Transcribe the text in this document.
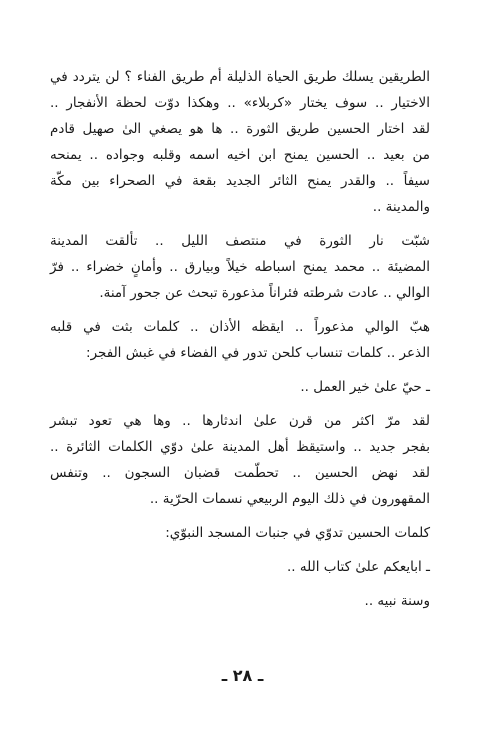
الطريقين يسلك طريق الحياة الذليلة أم طريق الفناء ؟ لن يتردد في
الاختيار .. سوف يختار «كربلاء» .. وهكذا دوّت لحظة الأنفجار ..
لقد اختار الحسين طريق الثورة .. ها هو يصغي الىٰ صهيل قادم
من بعيد .. الحسين يمنح ابن اخيه اسمه وقلبه وجواده .. يمنحه
سيفاً .. والقدر يمنح الثائر الجديد بقعة في الصحراء بين مكّة
والمدينة ..
شبّت نار الثورة في منتصف الليل .. تألقت المدينة
المضيئة .. محمد يمنح اسباطه خيلاً وبيارق .. وأمانٍ خضراء .. فرّ
الوالي .. عادت شرطته فئراناً مذعورة تبحث عن جحور آمنة.
هبّ الوالي مذعوراً .. ايقظه الأذان .. كلمات بثت في قلبه
الذعر .. كلمات تنساب كلحن تدور في الفضاء في غبش الفجر:
ـ حيّ علىٰ خير العمل ..
لقد مرّ اكثر من قرن علىٰ اندثارها .. وها هي تعود تبشر
بفجر جديد .. واستيقظ أهل المدينة علىٰ دوّي الكلمات الثائرة ..
لقد نهض الحسين .. تحطّمت قضبان السجون .. وتنفس
المقهورون في ذلك اليوم الربيعي نسمات الحرّية ..
كلمات الحسين تدوّي في جنبات المسجد النبوّي:
ـ ابايعكم علىٰ كتاب الله ..
وسنة نبيه ..
ـ ٢٨ ـ
